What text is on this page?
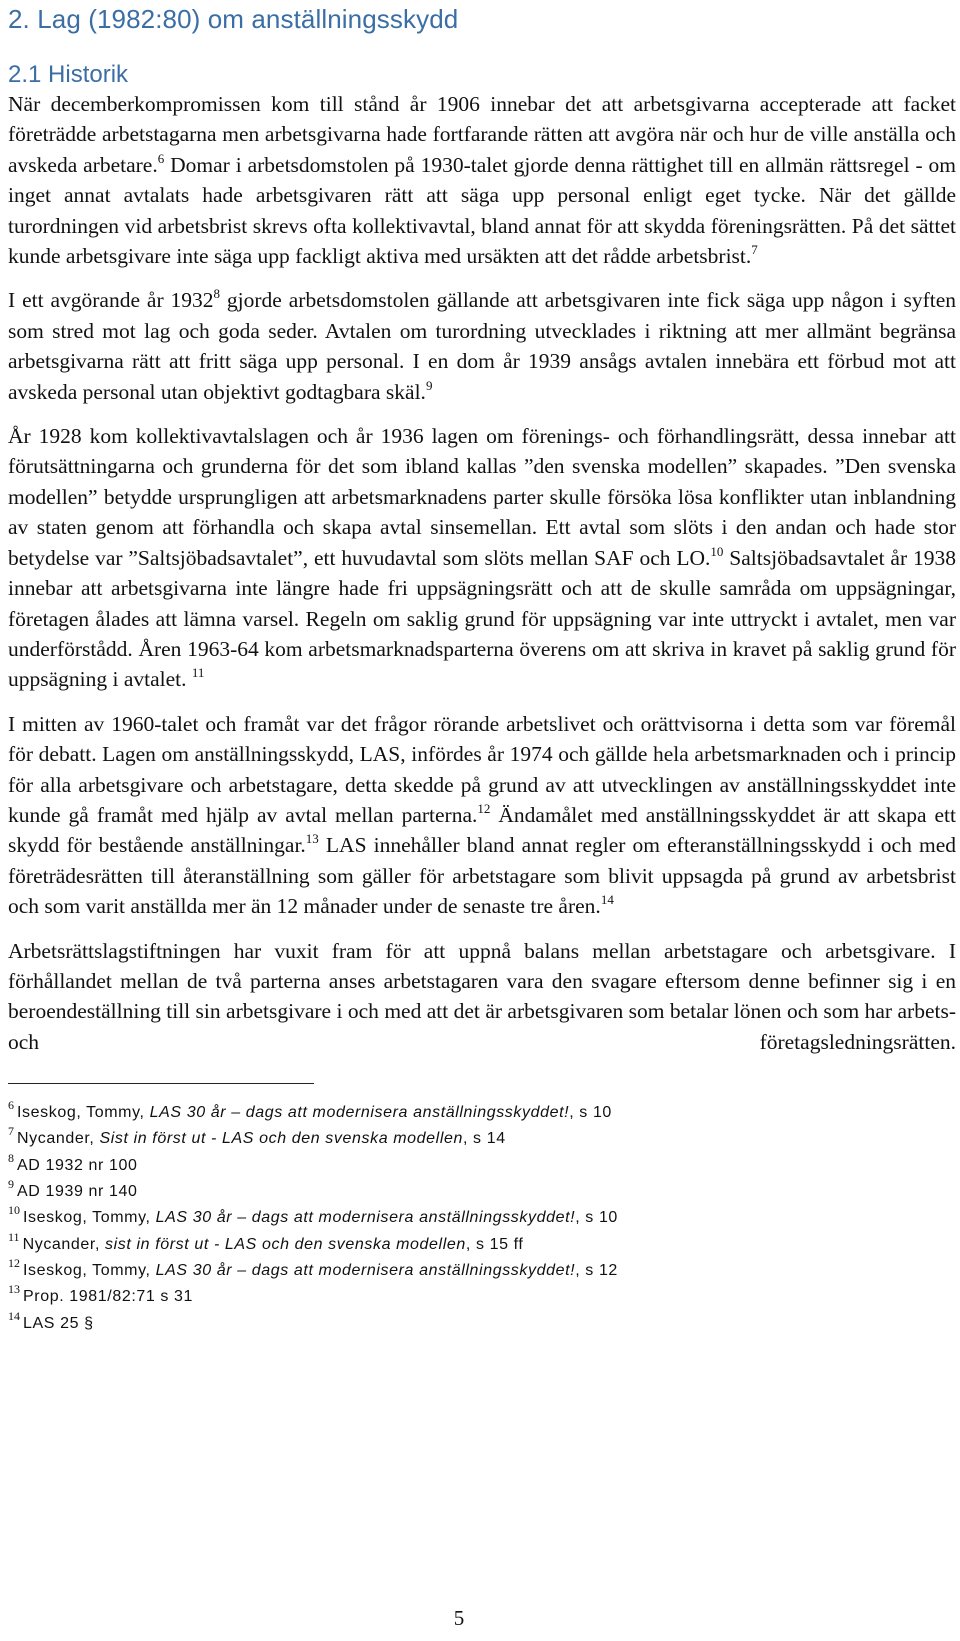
2. Lag (1982:80) om anställningsskydd
2.1 Historik

När decemberkompromissen kom till stånd år 1906 innebar det att arbetsgivarna accepterade att facket företrädde arbetstagarna men arbetsgivarna hade fortfarande rätten att avgöra när och hur de ville anställa och avskeda arbetare.$^6$ Domar i arbetsdomstolen på 1930-talet gjorde denna rättighet till en allmän rättsregel - om inget annat avtalats hade arbetsgivaren rätt att säga upp personal enligt eget tycke. När det gällde turordningen vid arbetsbrist skrevs ofta kollektivavtal, bland annat för att skydda föreningsrätten. På det sättet kunde arbetsgivare inte säga upp fackligt aktiva med ursäkten att det rådde arbetsbrist.$^7$

I ett avgörande år 1932$^8$ gjorde arbetsdomstolen gällande att arbetsgivaren inte fick säga upp någon i syften som stred mot lag och goda seder. Avtalen om turordning utvecklades i riktning att mer allmänt begränsa arbetsgivarna rätt att fritt säga upp personal. I en dom år 1939 ansågs avtalen innebära ett förbud mot att avskeda personal utan objektivt godtagbara skäl.$^9$

År 1928 kom kollektivavtalslagen och år 1936 lagen om förenings- och förhandlingsrätt, dessa innebar att förutsättningarna och grunderna för det som ibland kallas ”den svenska modellen” skapades. ”Den svenska modellen” betydde ursprungligen att arbetsmarknadens parter skulle försöka lösa konflikter utan inblandning av staten genom att förhandla och skapa avtal sinsemellan. Ett avtal som slöts i den andan och hade stor betydelse var ”Saltsjöbadsavtalet”, ett huvudavtal som slöts mellan SAF och LO.$^{10}$ Saltsjöbadsavtalet år 1938 innebar att arbetsgivarna inte längre hade fri uppsägningsrätt och att de skulle samråda om uppsägningar, företagen ålades att lämna varsel. Regeln om saklig grund för uppsägning var inte uttryckt i avtalet, men var underförstådd. Åren 1963-64 kom arbetsmarknadsparterna överens om att skriva in kravet på saklig grund för uppsägning i avtalet. $^{11}$

I mitten av 1960-talet och framåt var det frågor rörande arbetslivet och orättvisorna i detta som var föremål för debatt. Lagen om anställningsskydd, LAS, infördes år 1974 och gällde hela arbetsmarknaden och i princip för alla arbetsgivare och arbetstagare, detta skedde på grund av att utvecklingen av anställningsskyddet inte kunde gå framåt med hjälp av avtal mellan parterna.$^{12}$ Ändamålet med anställningsskyddet är att skapa ett skydd för bestående anställningar.$^{13}$ LAS innehåller bland annat regler om efteranställningsskydd i och med företrädesrätten till återanställning som gäller för arbetstagare som blivit uppsagda på grund av arbetsbrist och som varit anställda mer än 12 månader under de senaste tre åren.$^{14}$

Arbetsrättslagstiftningen har vuxit fram för att uppnå balans mellan arbetstagare och arbetsgivare. I förhållandet mellan de två parterna anses arbetstagaren vara den svagare eftersom denne befinner sig i en beroendeställning till sin arbetsgivare i och med att det är arbetsgivaren som betalar lönen och som har arbets- och företagsledningsrätten.

$^6$ Iseskog, Tommy, LAS 30 år – dags att modernisera anställningsskyddet!, s 10
$^7$ Nycander, Sist in först ut - LAS och den svenska modellen, s 14
$^8$ AD 1932 nr 100
$^9$ AD 1939 nr 140
$^{10}$ Iseskog, Tommy, LAS 30 år – dags att modernisera anställningsskyddet!, s 10
$^{11}$ Nycander, sist in först ut - LAS och den svenska modellen, s 15 ff
$^{12}$ Iseskog, Tommy, LAS 30 år – dags att modernisera anställningsskyddet!, s 12
$^{13}$ Prop. 1981/82:71 s 31
$^{14}$ LAS 25 §
5
